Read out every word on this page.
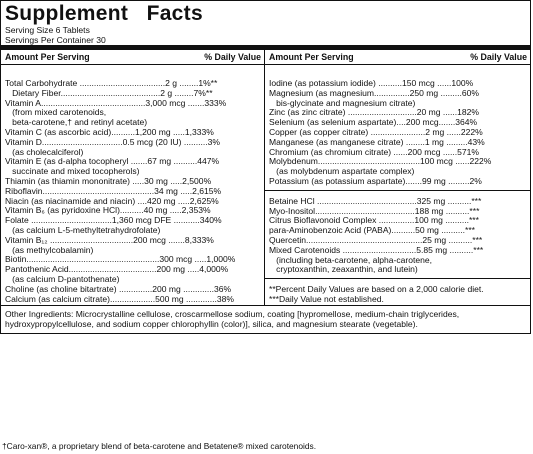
Supplement   Facts
Serving Size 6 Tablets
Servings Per Container 30
Amount Per Serving	% Daily Value
Total Carbohydrate ....................................2 g ........1%**
Dietary Fiber..........................................2 g ........7%**
Vitamin A............................................3,000 mcg .......333%
(from mixed carotenoids,
beta-carotene,† and retinyl acetate)
Vitamin C (as ascorbic acid)..........1,200 mg .....1,333%
Vitamin D..................................0.5 mcg (20 IU) ..........3%
(as cholecalciferol)
Vitamin E (as d-alpha tocopheryl .......67 mg ..........447%
succinate and mixed tocopherols)
Thiamin (as thiamin mononitrate) .....30 mg .....2,500%
Riboflavin...............................................34 mg .....2,615%
Niacin (as niacinamide and niacin) ....420 mg .....2,625%
Vitamin B₆ (as pyridoxine HCl)..........40 mg .....2,353%
Folate ..................................1,360 mcg DFE ...........340%
(as calcium L-5-methyltetrahydrofolate)
Vitamin B₁₂ ...................................200 mcg .......8,333%
(as methylcobalamin)
Biotin........................................................300 mcg .....1,000%
Pantothenic Acid.....................................200 mg .....4,000%
(as calcium D-pantothenate)
Choline (as choline bitartrate) ..............200 mg .............36%
Calcium (as calcium citrate)...................500 mg .............38%
Amount Per Serving	% Daily Value
Iodine (as potassium iodide) ..........150 mcg ......100%
Magnesium (as magnesium...............250 mg .........60%
bis-glycinate and magnesium citrate)
Zinc (as zinc citrate) .............................20 mg ......182%
Selenium (as selenium aspartate)....200 mcg.......364%
Copper (as copper citrate) .......................2 mg ......222%
Manganese (as manganese citrate) ........1 mg .........43%
Chromium (as chromium citrate) ......200 mcg ......571%
Molybdenum...........................................100 mcg ......222%
(as molybdenum aspartate complex)
Potassium (as potassium aspartate).......99 mg .........2%
Betaine HCl ..........................................325 mg ..........***
Myo-Inositol..........................................188 mg ..........***
Citrus Bioflavonoid Complex ...............100 mg ..........***
para-Aminobenzoic Acid (PABA)..........50 mg ..........***
Quercetin.................................................25 mg ..........***
Mixed Carotenoids ...............................5.85 mg ..........***
(including beta-carotene, alpha-carotene,
cryptoxanthin, zeaxanthin, and lutein)
**Percent Daily Values are based on a 2,000 calorie diet.
***Daily Value not established.
Other Ingredients: Microcrystalline cellulose, croscarmellose sodium, coating [hypromellose, medium-chain triglycerides, hydroxypropylcellulose, and sodium copper chlorophyllin (color)], silica, and magnesium stearate (vegetable).
†Caro-xan®, a proprietary blend of beta-carotene and Betatene® mixed carotenoids.
